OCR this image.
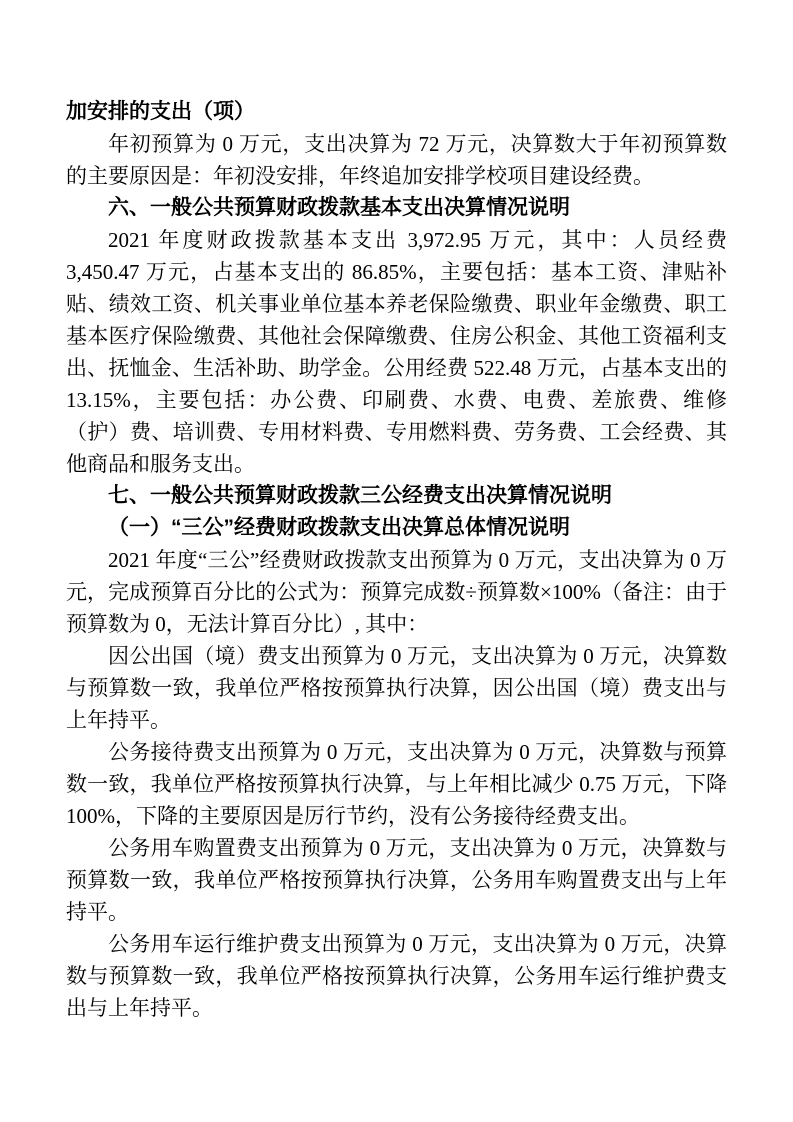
加安排的支出（项）

年初预算为 0 万元，支出决算为 72 万元，决算数大于年初预算数的主要原因是：年初没安排，年终追加安排学校项目建设经费。

六、一般公共预算财政拨款基本支出决算情况说明

2021 年度财政拨款基本支出 3,972.95 万元，其中：人员经费 3,450.47 万元，占基本支出的 86.85%，主要包括：基本工资、津贴补贴、绩效工资、机关事业单位基本养老保险缴费、职业年金缴费、职工基本医疗保险缴费、其他社会保障缴费、住房公积金、其他工资福利支出、抚恤金、生活补助、助学金。公用经费 522.48 万元，占基本支出的 13.15%，主要包括：办公费、印刷费、水费、电费、差旅费、维修（护）费、培训费、专用材料费、专用燃料费、劳务费、工会经费、其他商品和服务支出。

七、一般公共预算财政拨款三公经费支出决算情况说明

（一）“三公”经费财政拨款支出决算总体情况说明

2021 年度“三公”经费财政拨款支出预算为 0 万元，支出决算为 0 万元，完成预算百分比的公式为：预算完成数÷预算数×100%（备注：由于预算数为 0，无法计算百分比）, 其中：

因公出国（境）费支出预算为 0 万元，支出决算为 0 万元，决算数与预算数一致，我单位严格按预算执行决算，因公出国（境）费支出与上年持平。

公务接待费支出预算为 0 万元，支出决算为 0 万元，决算数与预算数一致，我单位严格按预算执行决算，与上年相比减少 0.75 万元，下降 100%，下降的主要原因是厉行节约，没有公务接待经费支出。

公务用车购置费支出预算为 0 万元，支出决算为 0 万元，决算数与预算数一致，我单位严格按预算执行决算，公务用车购置费支出与上年持平。

公务用车运行维护费支出预算为 0 万元，支出决算为 0 万元，决算数与预算数一致，我单位严格按预算执行决算，公务用车运行维护费支出与上年持平。
